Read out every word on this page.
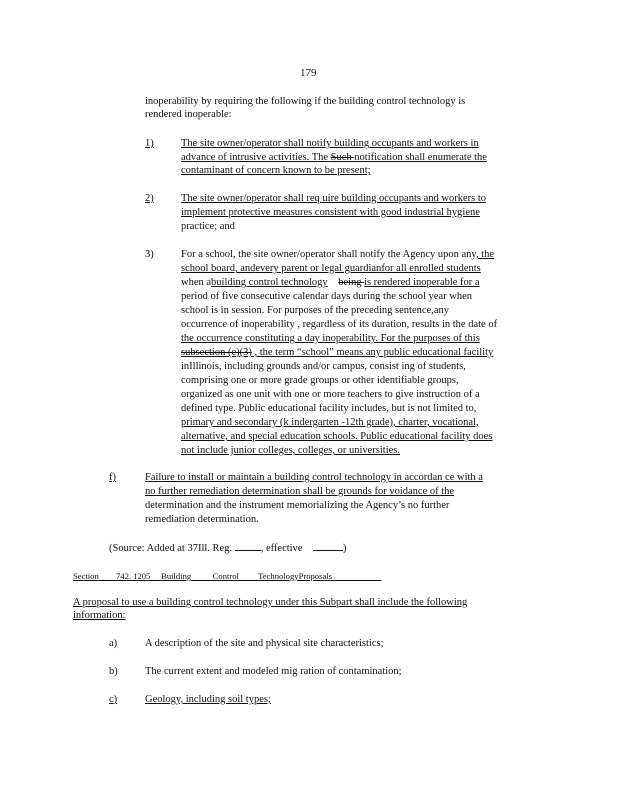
179
inoperability by requiring the following if the building control technology is
rendered inoperable:
1)	The site owner/operator shall notify building occupants and workers in
advance of intrusive activities. The Such notification shall enumerate the
contaminant of concern known to be present;
2)	The site owner/operator shall req uire building occupants and workers to
implement protective measures consistent with good industrial hygiene
practice; and
3)	For a school, the site owner/operator shall notify the Agency upon any, the
school board, andevery parent or legal guardianfor all enrolled students
when abuilding control technology being is rendered inoperable for a
period of five consecutive calendar days during the school year when
school is in session. For purposes of the preceding sentence,any
occurrence of inoperability , regardless of its duration, results in the date of
the occurrence constituting a day inoperability. For the purposes of this
subsection (e)(3) , the term “school” means any public educational facility
inIllinois, including grounds and/or campus, consist ing of students,
comprising one or more grade groups or other identifiable groups,
organized as one unit with one or more teachers to give instruction of a
defined type. Public educational facility includes, but is not limited to,
primary and secondary (k indergarten -12th grade), charter, vocational,
alternative, and special education schools. Public educational facility does
not include junior colleges, colleges, or universities.
f)	Failure to install or maintain a building control technology in accordan ce with a
no further remediation determination shall be grounds for voidance of the
determination and the instrument memorializing the Agency’s no further
remediation determination.
(Source: Added at 37Ill. Reg.	, effective	)
Section 742. 1205 Building Control TechnologyProposals
A proposal to use a building control technology under this Subpart shall include the following
information:
a)	A description of the site and physical site characteristics;
b)	The current extent and modeled mig ration of contamination;
c)	Geology, including soil types;
